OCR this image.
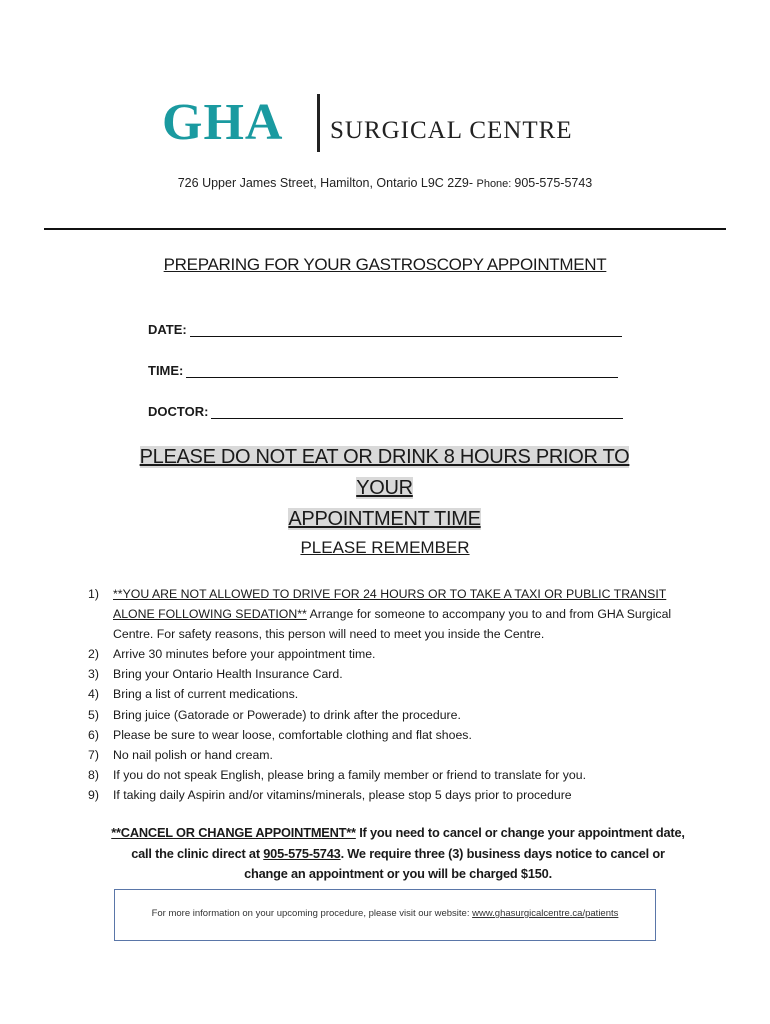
GHA SURGICAL CENTRE
726 Upper James Street, Hamilton, Ontario L9C 2Z9- Phone: 905-575-5743
PREPARING FOR YOUR GASTROSCOPY APPOINTMENT
DATE:
TIME:
DOCTOR:
PLEASE DO NOT EAT OR DRINK 8 HOURS PRIOR TO YOUR
APPOINTMENT TIME
PLEASE REMEMBER
1) **YOU ARE NOT ALLOWED TO DRIVE FOR 24 HOURS OR TO TAKE A TAXI OR PUBLIC TRANSIT ALONE FOLLOWING SEDATION** Arrange for someone to accompany you to and from GHA Surgical Centre. For safety reasons, this person will need to meet you inside the Centre.
2) Arrive 30 minutes before your appointment time.
3) Bring your Ontario Health Insurance Card.
4) Bring a list of current medications.
5) Bring juice (Gatorade or Powerade) to drink after the procedure.
6) Please be sure to wear loose, comfortable clothing and flat shoes.
7) No nail polish or hand cream.
8) If you do not speak English, please bring a family member or friend to translate for you.
9) If taking daily Aspirin and/or vitamins/minerals, please stop 5 days prior to procedure
**CANCEL OR CHANGE APPOINTMENT** If you need to cancel or change your appointment date, call the clinic direct at 905-575-5743. We require three (3) business days notice to cancel or change an appointment or you will be charged $150.
For more information on your upcoming procedure, please visit our website: www.ghasurgicalcentre.ca/patients
